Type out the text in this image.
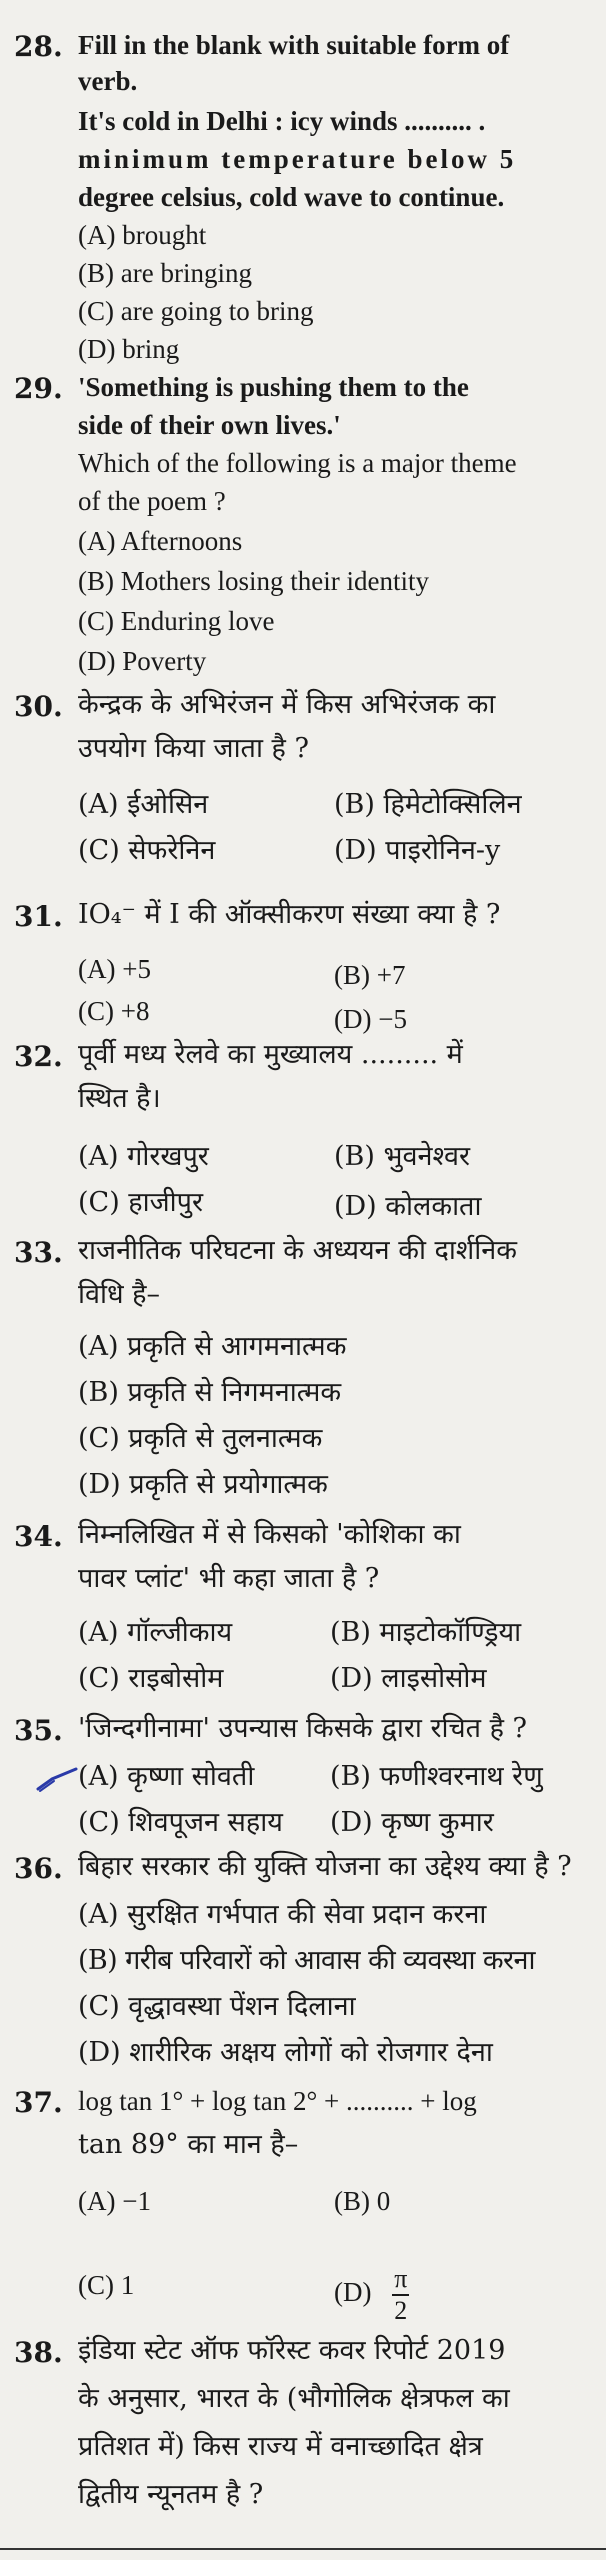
28. Fill in the blank with suitable form of
verb.
It's cold in Delhi : icy winds .......... .
minimum temperature below 5
degree celsius, cold wave to continue.
(A) brought
(B) are bringing
(C) are going to bring
(D) bring
29. 'Something is pushing them to the
side of their own lives.'
Which of the following is a major theme
of the poem ?
(A) Afternoons
(B) Mothers losing their identity
(C) Enduring love
(D) Poverty
30. केन्द्रक के अभिरंजन में किस अभिरंजक का
उपयोग किया जाता है ?
(A) ईओसिन	(B) हिमेटोक्सिलिन
(C) सेफरेनिन	(D) पाइरोनिन-y
31. IO₄⁻ में I की ऑक्सीकरण संख्या क्या है ?
(A) +5	(B) +7
(C) +8	(D) −5
32. पूर्वी मध्य रेलवे का मुख्यालय ......... में
स्थित है।
(A) गोरखपुर	(B) भुवनेश्वर
(C) हाजीपुर	(D) कोलकाता
33. राजनीतिक परिघटना के अध्ययन की दार्शनिक
विधि है–
(A) प्रकृति से आगमनात्मक
(B) प्रकृति से निगमनात्मक
(C) प्रकृति से तुलनात्मक
(D) प्रकृति से प्रयोगात्मक
34. निम्नलिखित में से किसको 'कोशिका का
पावर प्लांट' भी कहा जाता है ?
(A) गॉल्जीकाय	(B) माइटोकॉण्ड्रिया
(C) राइबोसोम	(D) लाइसोसोम
35. 'जिन्दगीनामा' उपन्यास किसके द्वारा रचित है ?
(A) कृष्णा सोवती	(B) फणीश्वरनाथ रेणु
(C) शिवपूजन सहाय (D) कृष्ण कुमार
36. बिहार सरकार की युक्ति योजना का उद्देश्य क्या है ?
(A) सुरक्षित गर्भपात की सेवा प्रदान करना
(B) गरीब परिवारों को आवास की व्यवस्था करना
(C) वृद्धावस्था पेंशन दिलाना
(D) शारीरिक अक्षय लोगों को रोजगार देना
37. log tan 1° + log tan 2° + .......... + log
tan 89° का मान है–
(A) −1	(B) 0
(C) 1	$(D) \frac{\pi}{2}$
38. इंडिया स्टेट ऑफ फॉरेस्ट कवर रिपोर्ट 2019
के अनुसार, भारत के (भौगोलिक क्षेत्रफल का
प्रतिशत में) किस राज्य में वनाच्छादित क्षेत्र
द्वितीय न्यूनतम है ?
